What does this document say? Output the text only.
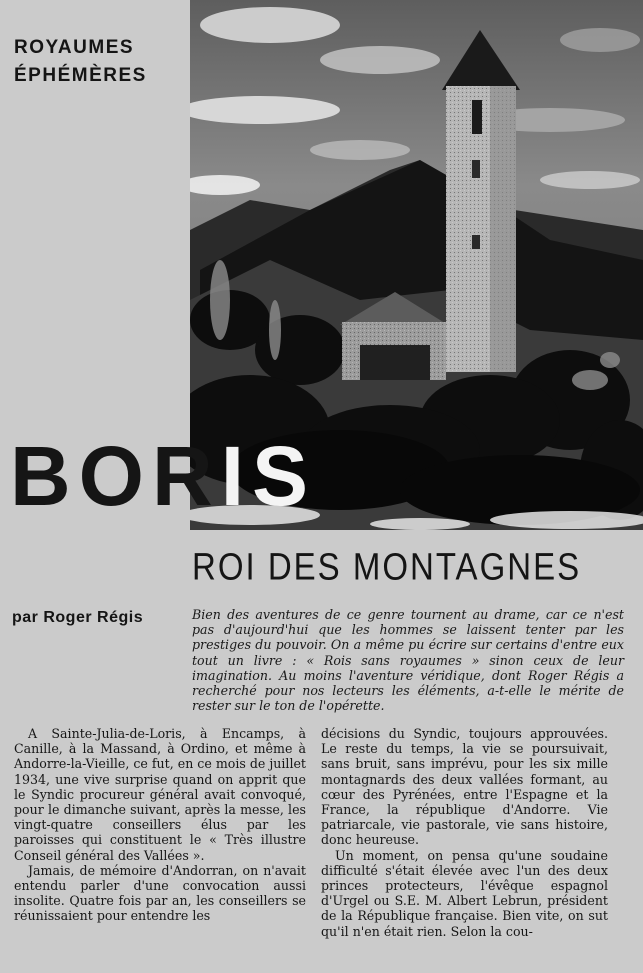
ROYAUMES
ÉPHÉMÈRES
BORIS
ROI DES MONTAGNES
par Roger Régis	Bien des aventures de ce genre tournent au drame, car ce n'est pas d'aujourd'hui que les hommes se laissent tenter par les prestiges du pouvoir. On a même pu écrire sur certains d'entre eux tout un livre : « Rois sans royaumes » sinon ceux de leur imagination. Au moins l'aventure véridique, dont Roger Régis a recherché pour nos lecteurs les éléments, a-t-elle le mérite de rester sur le ton de l'opérette.

A Sainte-Julia-de-Loris, à Encamps, à Canille, à la Massand, à Ordino, et même à Andorre-la-Vieille, ce fut, en ce mois de juillet 1934, une vive surprise quand on apprit que le Syndic procureur général avait convoqué, pour le dimanche suivant, après la messe, les vingt-quatre conseillers élus par les paroisses qui constituent le « Très illustre Conseil général des Vallées ».

Jamais, de mémoire d'Andorran, on n'avait entendu parler d'une convocation aussi insolite. Quatre fois par an, les conseillers se réunissaient pour entendre les

décisions du Syndic, toujours approuvées. Le reste du temps, la vie se poursuivait, sans bruit, sans imprévu, pour les six mille montagnards des deux vallées formant, au cœur des Pyrénées, entre l'Espagne et la France, la république d'Andorre. Vie patriarcale, vie pastorale, vie sans histoire, donc heureuse.

Un moment, on pensa qu'une soudaine difficulté s'était élevée avec l'un des deux princes protecteurs, l'évêque espagnol d'Urgel ou S.E. M. Albert Lebrun, président de la République française. Bien vite, on sut qu'il n'en était rien. Selon la cou-
